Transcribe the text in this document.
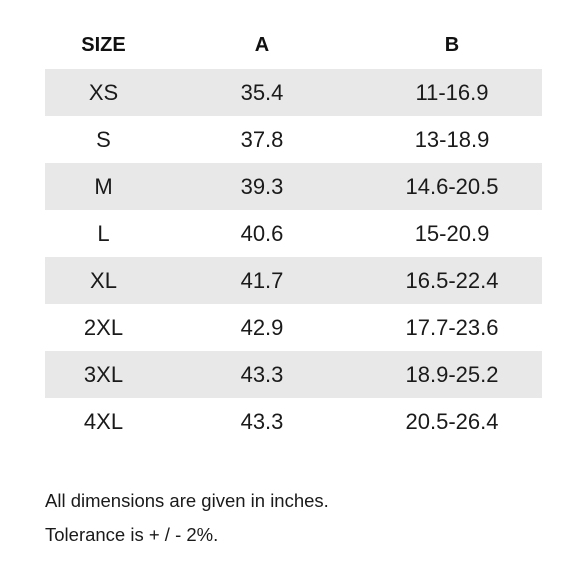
SIZE	A	B
XS	35.4	11-16.9
S	37.8	13-18.9
M	39.3	14.6-20.5
L	40.6	15-20.9
XL	41.7	16.5-22.4
2XL	42.9	17.7-23.6
3XL	43.3	18.9-25.2
4XL	43.3	20.5-26.4

All dimensions are given in inches.

Tolerance is + / - 2%.
